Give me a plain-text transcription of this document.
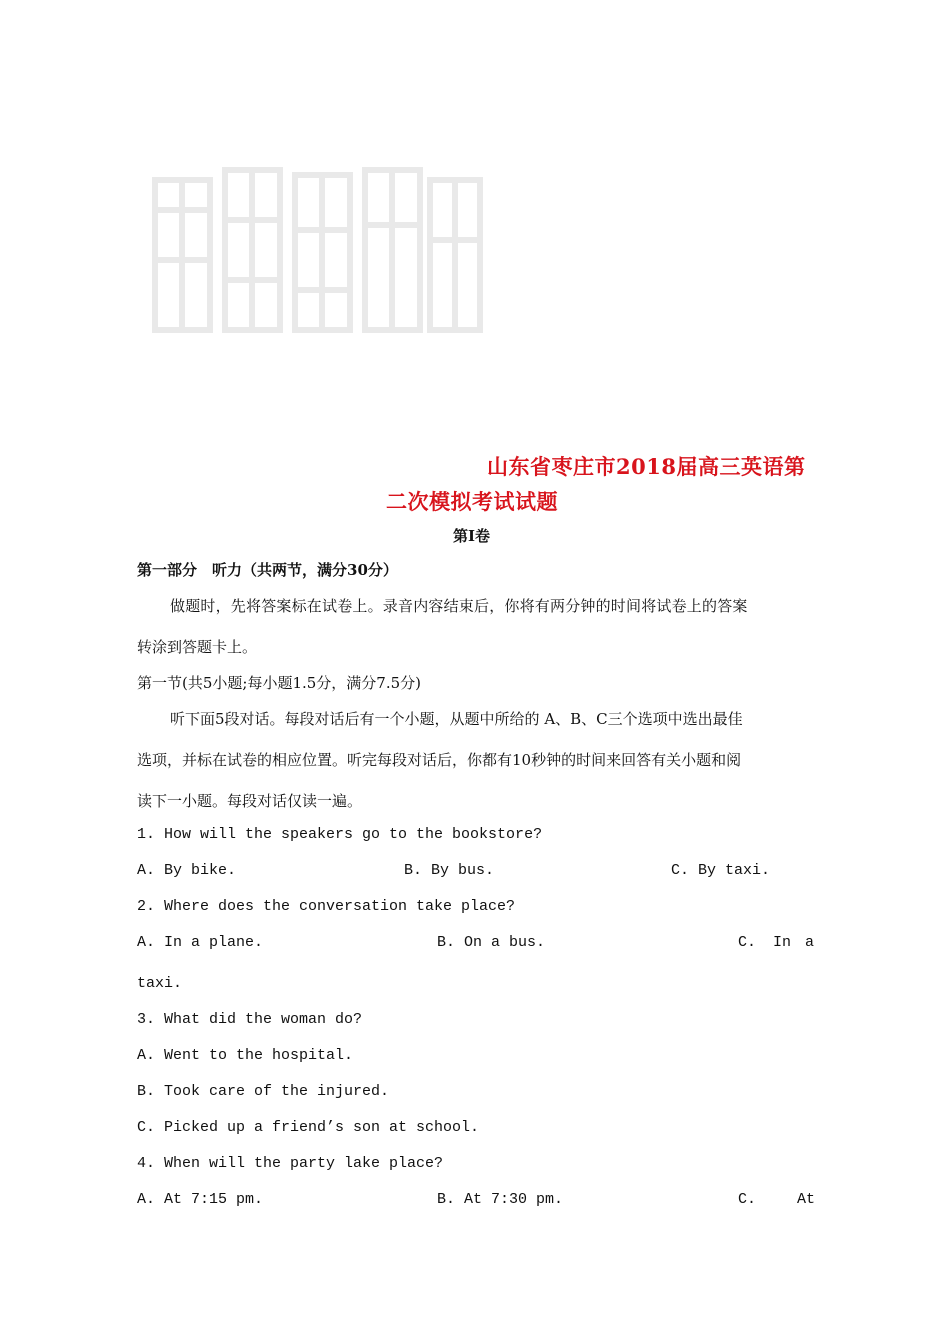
山东省枣庄市2018届高三英语第
二次模拟考试试题
第I卷
第一部分　听力（共两节，满分30分）
做题时，先将答案标在试卷上。录音内容结束后，你将有两分钟的时间将试卷上的答案
转涂到答题卡上。
第一节(共5小题;每小题1.5分，满分7.5分)
听下面5段对话。每段对话后有一个小题，从题中所给的 A、B、C三个选项中选出最佳
选项，并标在试卷的相应位置。听完每段对话后，你都有10秒钟的时间来回答有关小题和阅
读下一小题。每段对话仅读一遍。
1. How will the speakers go to the bookstore?
A. By bike.	B. By bus.	C. By taxi.
2. Where does the conversation take place?
A. In a plane.	B. On a bus.	C. In a
taxi.
3. What did the woman do?
A. Went to the hospital.
B. Took care of the injured.
C. Picked up a friend’s son at school.
4. When will the party lake place?
A. At 7:15 pm.	B. At 7:30 pm.	C.	At
